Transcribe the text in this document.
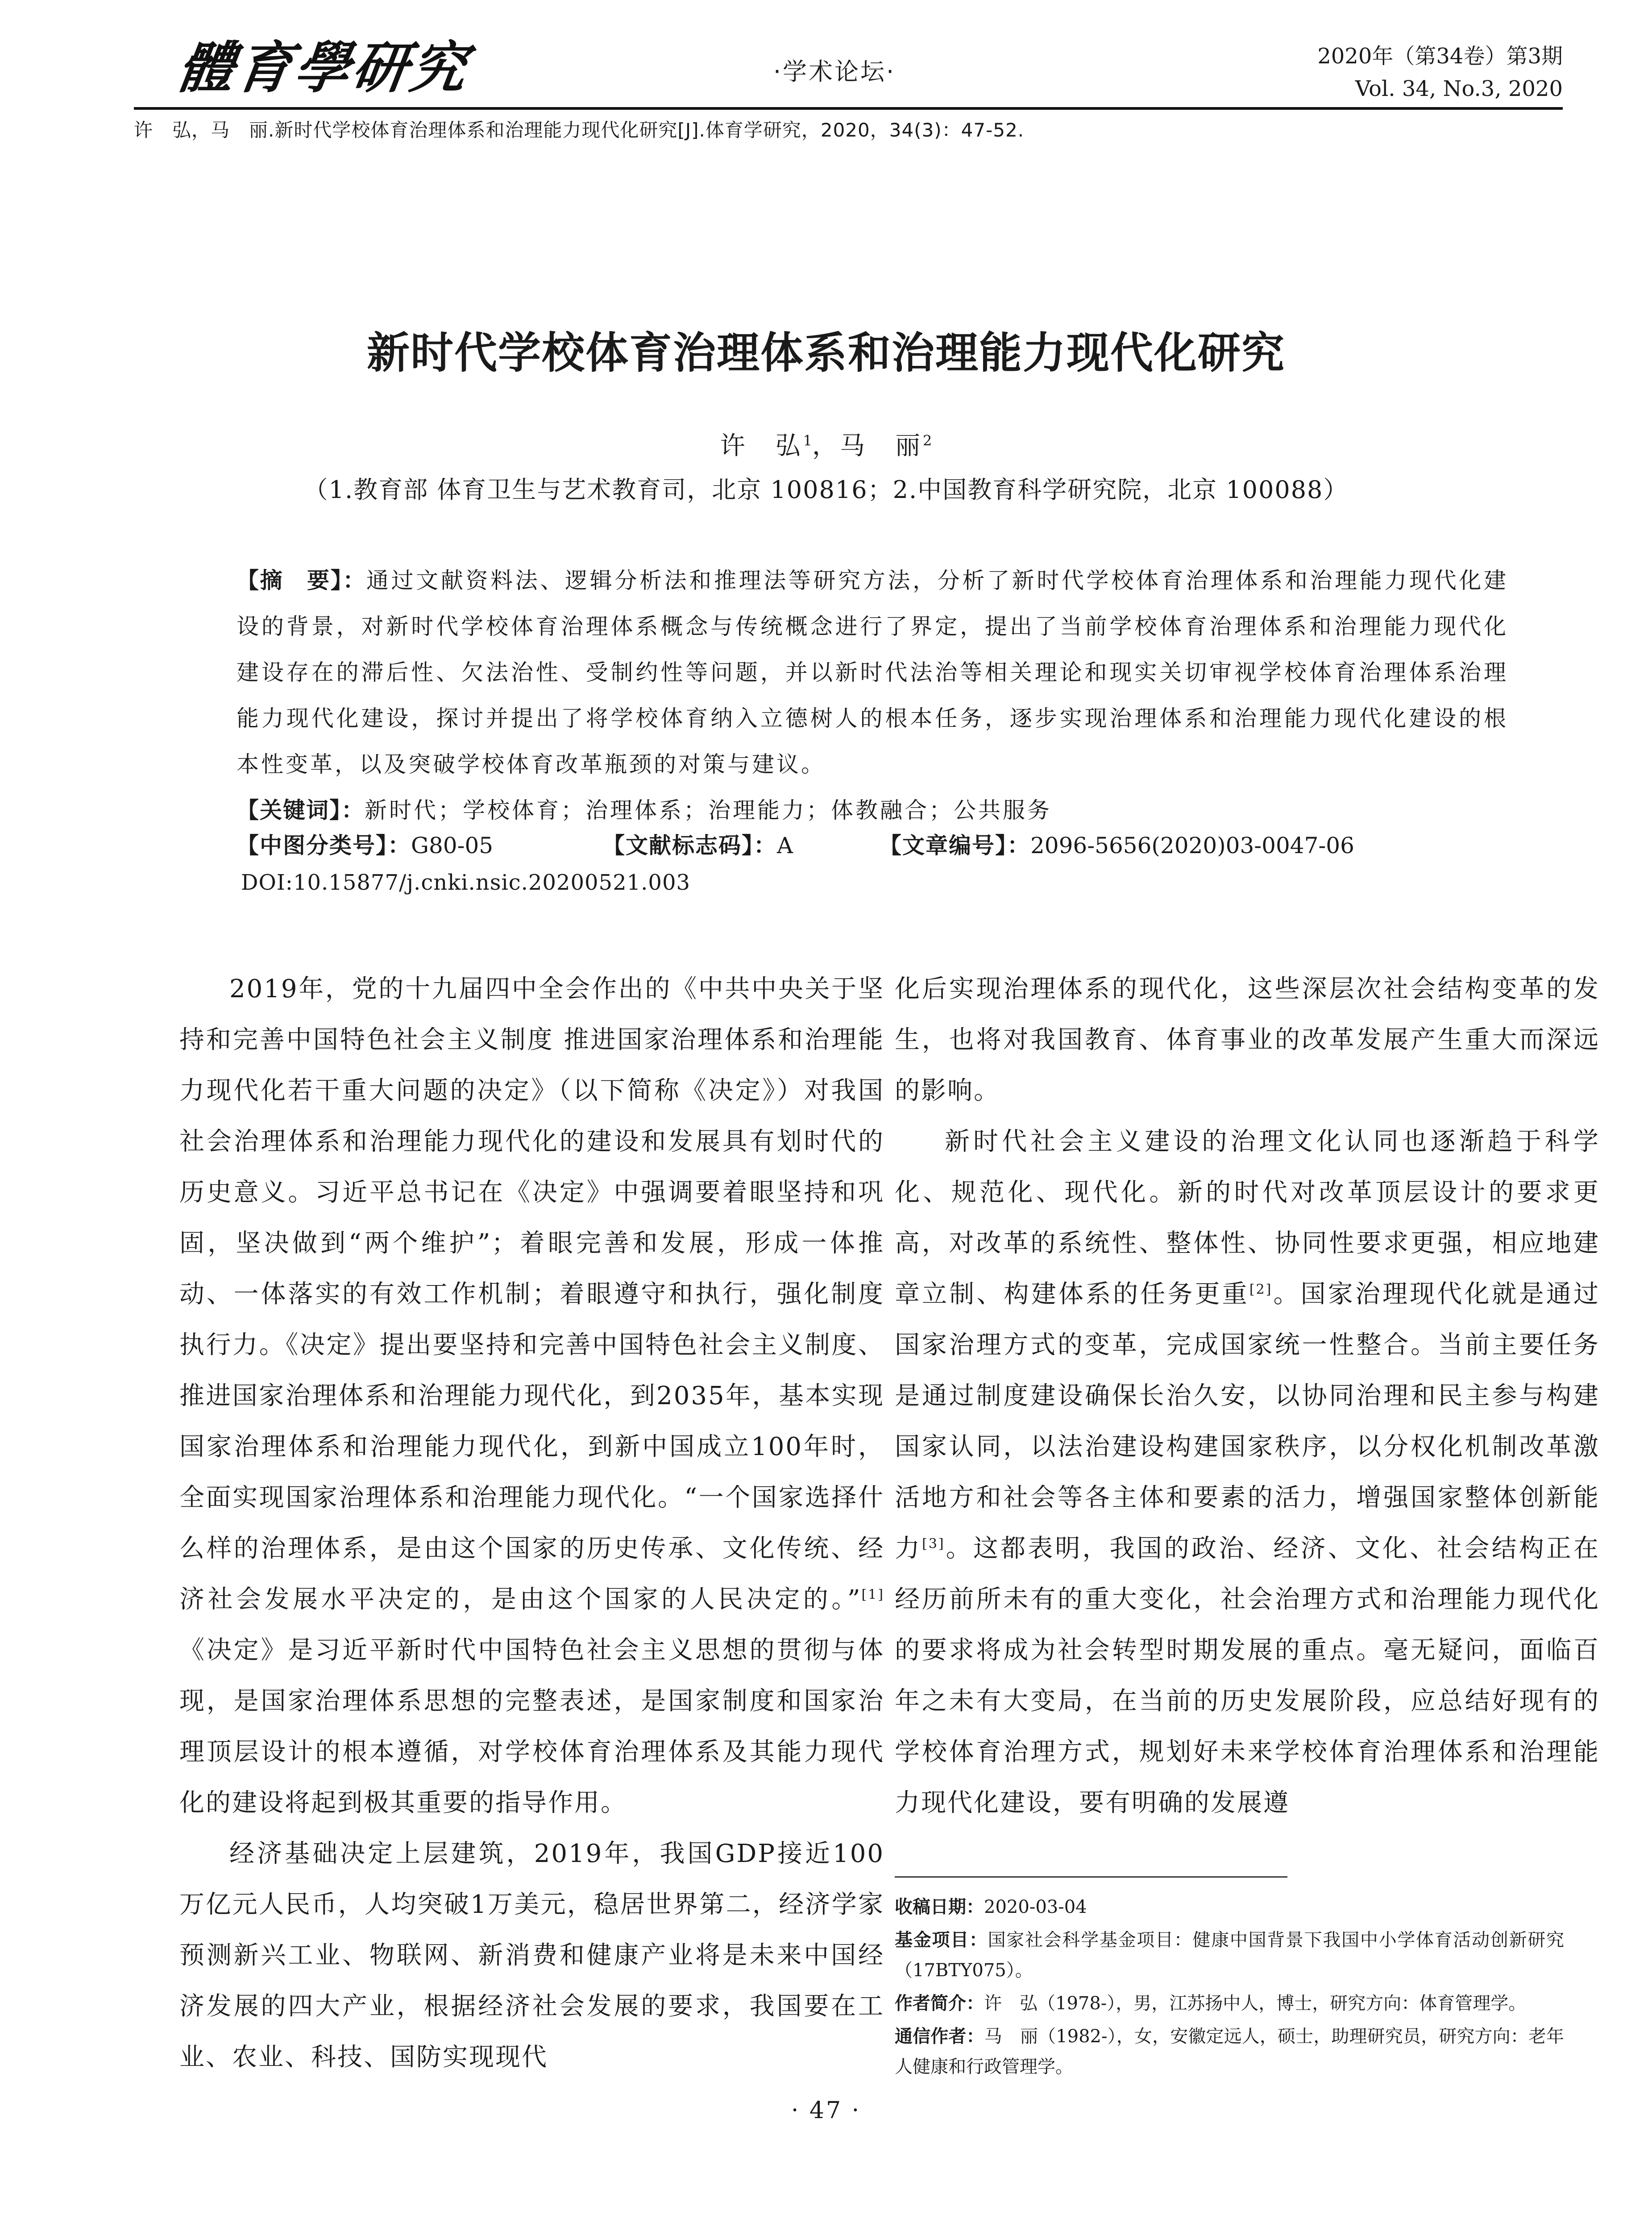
體育學研究	·学术论坛·
2020年（第34卷）第3期
Vol. 34, No.3, 2020
许　弘，马　丽.新时代学校体育治理体系和治理能力现代化研究[J].体育学研究，2020，34(3)：47-52.
新时代学校体育治理体系和治理能力现代化研究
许　弘$^1$，马　丽$^2$
（1.教育部 体育卫生与艺术教育司，北京 100816；2.中国教育科学研究院，北京 100088）
【摘　要】：通过文献资料法、逻辑分析法和推理法等研究方法，分析了新时代学校体育治理体系和治理能力现代化建设的背景，对新时代学校体育治理体系概念与传统概念进行了界定，提出了当前学校体育治理体系和治理能力现代化建设存在的滞后性、欠法治性、受制约性等问题，并以新时代法治等相关理论和现实关切审视学校体育治理体系治理能力现代化建设，探讨并提出了将学校体育纳入立德树人的根本任务，逐步实现治理体系和治理能力现代化建设的根本性变革，以及突破学校体育改革瓶颈的对策与建议。
【关键词】：新时代；学校体育；治理体系；治理能力；体教融合；公共服务
【中图分类号】：G80-05	【文献标志码】：A	【文章编号】：2096-5656(2020)03-0047-06
DOI:10.15877/j.cnki.nsic.20200521.003

2019年，党的十九届四中全会作出的《中共中央关于坚持和完善中国特色社会主义制度 推进国家治理体系和治理能力现代化若干重大问题的决定》（以下简称《决定》）对我国社会治理体系和治理能力现代化的建设和发展具有划时代的历史意义。习近平总书记在《决定》中强调要着眼坚持和巩固，坚决做到“两个维护”；着眼完善和发展，形成一体推动、一体落实的有效工作机制；着眼遵守和执行，强化制度执行力。《决定》提出要坚持和完善中国特色社会主义制度、推进国家治理体系和治理能力现代化，到2035年，基本实现国家治理体系和治理能力现代化，到新中国成立100年时，全面实现国家治理体系和治理能力现代化。“一个国家选择什么样的治理体系，是由这个国家的历史传承、文化传统、经济社会发展水平决定的，是由这个国家的人民决定的。”[1]《决定》是习近平新时代中国特色社会主义思想的贯彻与体现，是国家治理体系思想的完整表述，是国家制度和国家治理顶层设计的根本遵循，对学校体育治理体系及其能力现代化的建设将起到极其重要的指导作用。

经济基础决定上层建筑，2019年，我国GDP接近100万亿元人民币，人均突破1万美元，稳居世界第二，经济学家预测新兴工业、物联网、新消费和健康产业将是未来中国经济发展的四大产业，根据经济社会发展的要求，我国要在工业、农业、科技、国防实现现代

化后实现治理体系的现代化，这些深层次社会结构变革的发生，也将对我国教育、体育事业的改革发展产生重大而深远的影响。

新时代社会主义建设的治理文化认同也逐渐趋于科学化、规范化、现代化。新的时代对改革顶层设计的要求更高，对改革的系统性、整体性、协同性要求更强，相应地建章立制、构建体系的任务更重[2]。国家治理现代化就是通过国家治理方式的变革，完成国家统一性整合。当前主要任务是通过制度建设确保长治久安，以协同治理和民主参与构建国家认同，以法治建设构建国家秩序，以分权化机制改革激活地方和社会等各主体和要素的活力，增强国家整体创新能力[3]。这都表明，我国的政治、经济、文化、社会结构正在经历前所未有的重大变化，社会治理方式和治理能力现代化的要求将成为社会转型时期发展的重点。毫无疑问，面临百年之未有大变局，在当前的历史发展阶段，应总结好现有的学校体育治理方式，规划好未来学校体育治理体系和治理能力现代化建设，要有明确的发展遵

收稿日期：2020-03-04

基金项目：国家社会科学基金项目：健康中国背景下我国中小学体育活动创新研究（17BTY075）。

作者简介：许　弘（1978-），男，江苏扬中人，博士，研究方向：体育管理学。

通信作者：马　丽（1982-），女，安徽定远人，硕士，助理研究员，研究方向：老年人健康和行政管理学。

· 47 ·
